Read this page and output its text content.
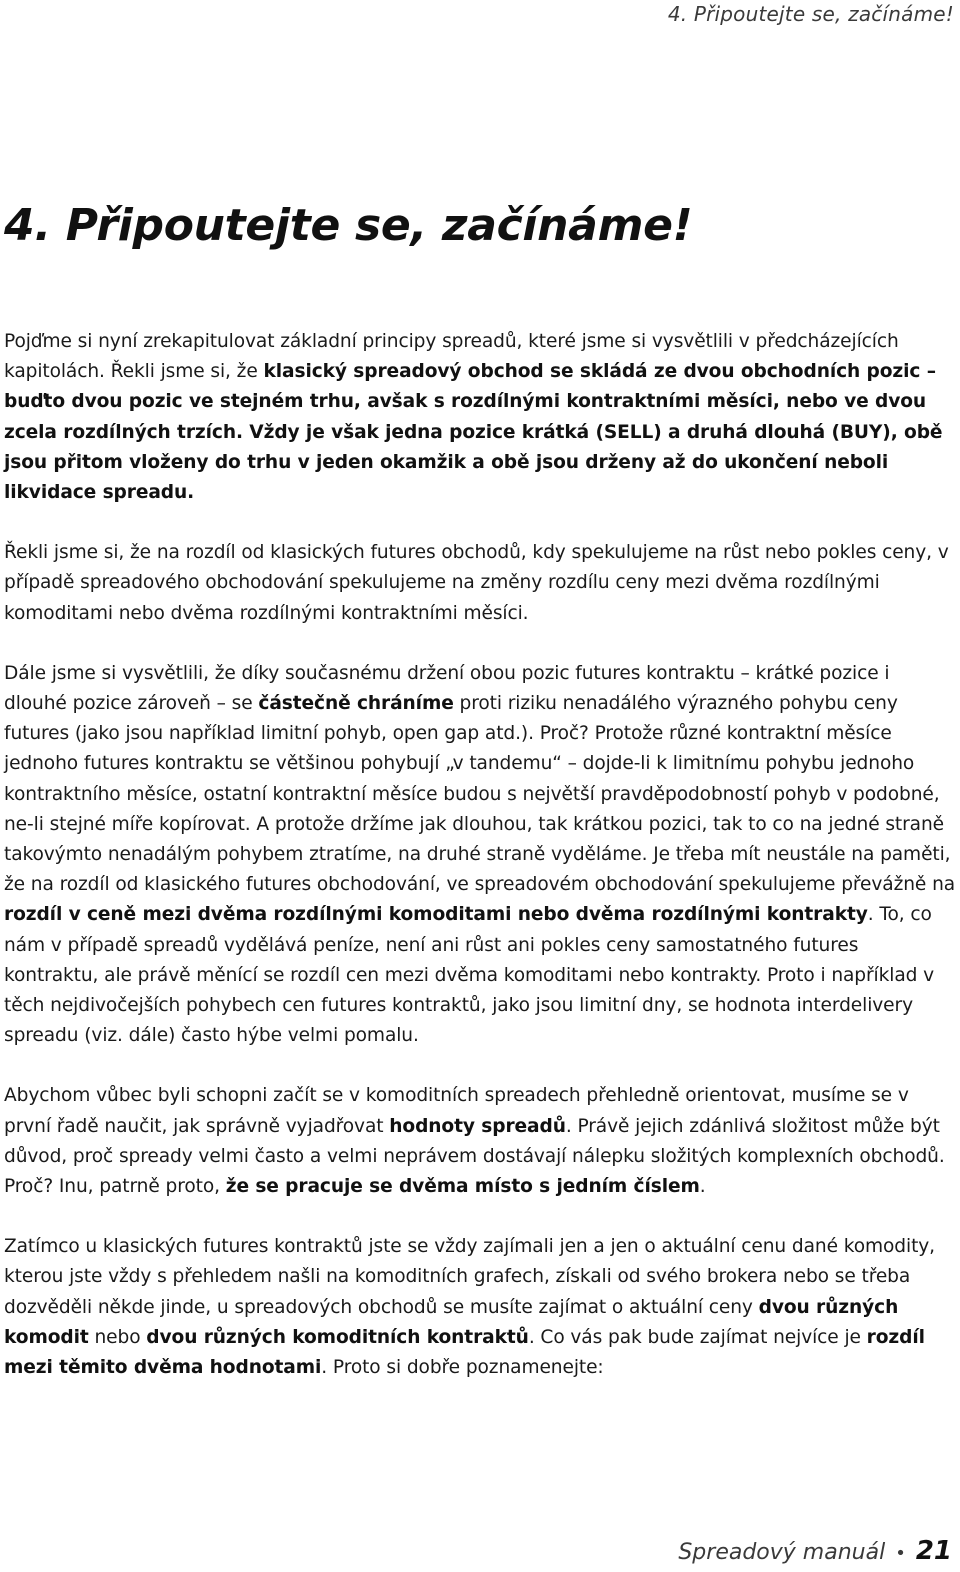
4. Připoutejte se, začínáme!
4. Připoutejte se, začínáme!

Pojďme si nyní zrekapitulovat základní principy spreadů, které jsme si vysvětlili v předcházejících kapitolách. Řekli jsme si, že klasický spreadový obchod se skládá ze dvou obchodních pozic – buďto dvou pozic ve stejném trhu, avšak s rozdílnými kontraktními měsíci, nebo ve dvou zcela rozdílných trzích. Vždy je však jedna pozice krátká (SELL) a druhá dlouhá (BUY), obě jsou přitom vloženy do trhu v jeden okamžik a obě jsou drženy až do ukončení neboli likvidace spreadu.

Řekli jsme si, že na rozdíl od klasických futures obchodů, kdy spekulujeme na růst nebo pokles ceny, v případě spreadového obchodování spekulujeme na změny rozdílu ceny mezi dvěma rozdílnými komoditami nebo dvěma rozdílnými kontraktními měsíci.

Dále jsme si vysvětlili, že díky současnému držení obou pozic futures kontraktu – krátké pozice i dlouhé pozice zároveň – se částečně chráníme proti riziku nenadálého výrazného pohybu ceny futures (jako jsou například limitní pohyb, open gap atd.). Proč? Protože různé kontraktní měsíce jednoho futures kontraktu se většinou pohybují „v tandemu“ – dojde-li k limitnímu pohybu jednoho kontraktního měsíce, ostatní kontraktní měsíce budou s největší pravděpodobností pohyb v podobné, ne-li stejné míře kopírovat. A protože držíme jak dlouhou, tak krátkou pozici, tak to co na jedné straně takovýmto nenadálým pohybem ztratíme, na druhé straně vyděláme. Je třeba mít neustále na paměti, že na rozdíl od klasického futures obchodování, ve spreadovém obchodování spekulujeme převážně na rozdíl v ceně mezi dvěma rozdílnými komoditami nebo dvěma rozdílnými kontrakty. To, co nám v případě spreadů vydělává peníze, není ani růst ani pokles ceny samostatného futures kontraktu, ale právě měnící se rozdíl cen mezi dvěma komoditami nebo kontrakty. Proto i například v těch nejdivočejších pohybech cen futures kontraktů, jako jsou limitní dny, se hodnota interdelivery spreadu (viz. dále) často hýbe velmi pomalu.

Abychom vůbec byli schopni začít se v komoditních spreadech přehledně orientovat, musíme se v první řadě naučit, jak správně vyjadřovat hodnoty spreadů. Právě jejich zdánlivá složitost může být důvod, proč spready velmi často a velmi neprávem dostávají nálepku složitých komplexních obchodů. Proč? Inu, patrně proto, že se pracuje se dvěma místo s jedním číslem.

Zatímco u klasických futures kontraktů jste se vždy zajímali jen a jen o aktuální cenu dané komodity, kterou jste vždy s přehledem našli na komoditních grafech, získali od svého brokera nebo se třeba dozvěděli někde jinde, u spreadových obchodů se musíte zajímat o aktuální ceny dvou různých komodit nebo dvou různých komoditních kontraktů. Co vás pak bude zajímat nejvíce je rozdíl mezi těmito dvěma hodnotami. Proto si dobře poznamenejte:

Spreadový manuál • 21
